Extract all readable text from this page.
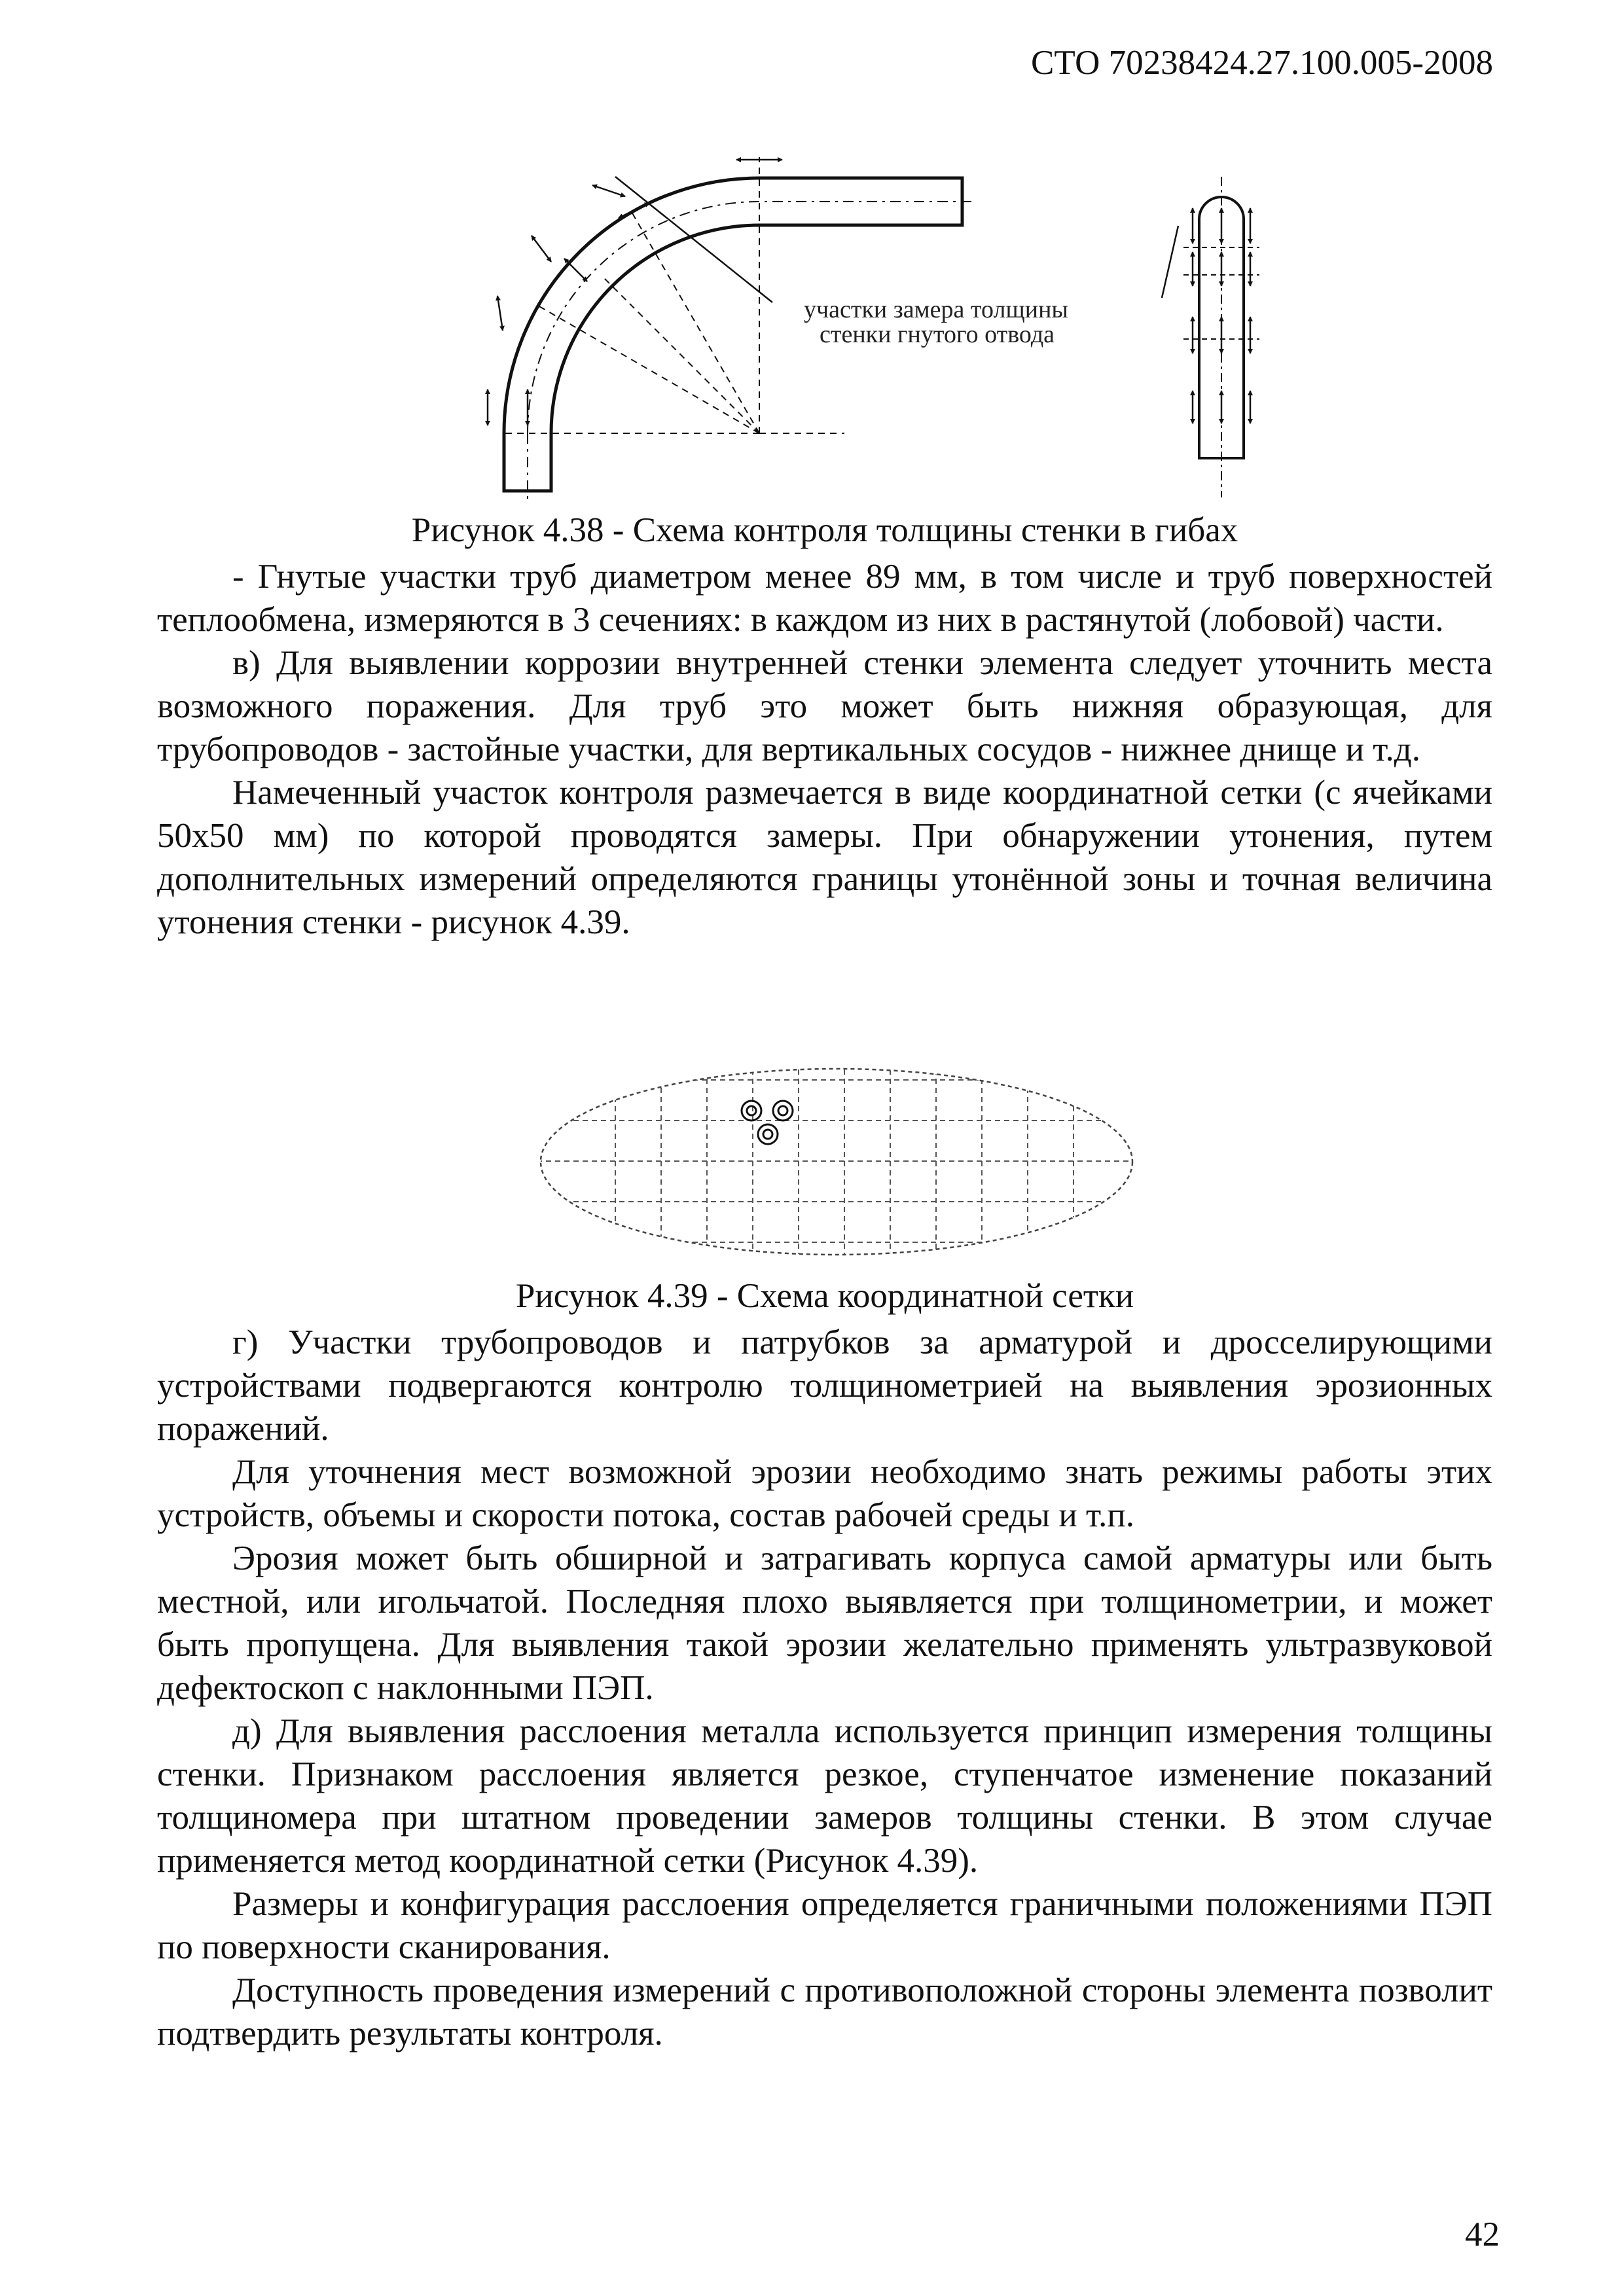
СТО 70238424.27.100.005-2008
участки замера толщины
стенки гнутого отвода
Рисунок 4.38 - Схема контроля толщины стенки в гибах

- Гнутые участки труб диаметром менее 89 мм, в том числе и труб поверхностей теплообмена, измеряются в 3 сечениях: в каждом из них в растянутой (лобовой) части.

в) Для выявлении коррозии внутренней стенки элемента следует уточнить места возможного поражения. Для труб это может быть нижняя образующая, для трубопроводов - застойные участки, для вертикальных сосудов - нижнее днище и т.д.

Намеченный участок контроля размечается в виде координатной сетки (с ячейками 50х50 мм) по которой проводятся замеры. При обнаружении утонения, путем дополнительных измерений определяются границы утонённой зоны и точная величина утонения стенки - рисунок 4.39.

Рисунок 4.39 - Схема координатной сетки

г) Участки трубопроводов и патрубков за арматурой и дросселирующими устройствами подвергаются контролю толщинометрией на выявления эрозионных поражений.

Для уточнения мест возможной эрозии необходимо знать режимы работы этих устройств, объемы и скорости потока, состав рабочей среды и т.п.

Эрозия может быть обширной и затрагивать корпуса самой арматуры или быть местной, или игольчатой. Последняя плохо выявляется при толщинометрии, и может быть пропущена. Для выявления такой эрозии желательно применять ультразвуковой дефектоскоп с наклонными ПЭП.

д) Для выявления расслоения металла используется принцип измерения толщины стенки. Признаком расслоения является резкое, ступенчатое изменение показаний толщиномера при штатном проведении замеров толщины стенки. В этом случае применяется метод координатной сетки (Рисунок 4.39).

Размеры и конфигурация расслоения определяется граничными положениями ПЭП по поверхности сканирования.

Доступность проведения измерений с противоположной стороны элемента позволит подтвердить результаты контроля.

42
